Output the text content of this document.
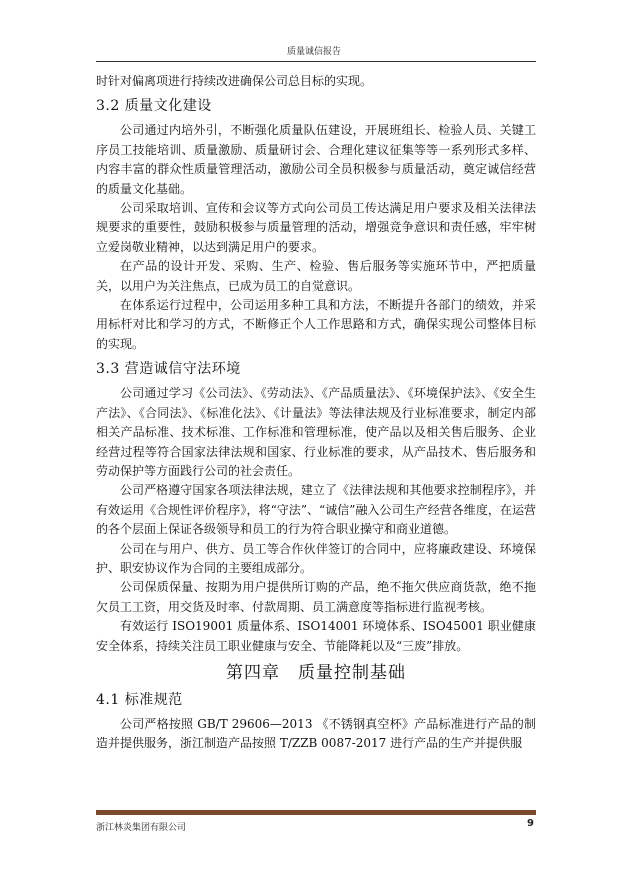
质量诚信报告

时针对偏离项进行持续改进确保公司总目标的实现。

3.2 质量文化建设

公司通过内培外引，不断强化质量队伍建设，开展班组长、检验人员、关键工序员工技能培训、质量激励、质量研讨会、合理化建议征集等等一系列形式多样、内容丰富的群众性质量管理活动，激励公司全员积极参与质量活动，奠定诚信经营的质量文化基础。

公司采取培训、宣传和会议等方式向公司员工传达满足用户要求及相关法律法规要求的重要性，鼓励积极参与质量管理的活动，增强竞争意识和责任感，牢牢树立爱岗敬业精神，以达到满足用户的要求。

在产品的设计开发、采购、生产、检验、售后服务等实施环节中，严把质量关，以用户为关注焦点，已成为员工的自觉意识。

在体系运行过程中，公司运用多种工具和方法，不断提升各部门的绩效，并采用标杆对比和学习的方式，不断修正个人工作思路和方式，确保实现公司整体目标的实现。

3.3 营造诚信守法环境

公司通过学习《公司法》、《劳动法》、《产品质量法》、《环境保护法》、《安全生产法》、《合同法》、《标准化法》、《计量法》等法律法规及行业标准要求，制定内部相关产品标准、技术标准、工作标准和管理标准，使产品以及相关售后服务、企业经营过程等符合国家法律法规和国家、行业标准的要求，从产品技术、售后服务和劳动保护等方面践行公司的社会责任。

公司严格遵守国家各项法律法规，建立了《法律法规和其他要求控制程序》，并有效运用《合规性评价程序》，将“守法”、“诚信”融入公司生产经营各维度，在运营的各个层面上保证各级领导和员工的行为符合职业操守和商业道德。

公司在与用户、供方、员工等合作伙伴签订的合同中，应将廉政建设、环境保护、职安协议作为合同的主要组成部分。

公司保质保量、按期为用户提供所订购的产品，绝不拖欠供应商货款，绝不拖欠员工工资，用交货及时率、付款周期、员工满意度等指标进行监视考核。

有效运行 ISO19001 质量体系、ISO14001 环境体系、ISO45001 职业健康安全体系，持续关注员工职业健康与安全、节能降耗以及“三废”排放。

第四章　质量控制基础
4.1 标准规范

公司严格按照 GB/T 29606—2013 《不锈钢真空杯》产品标准进行产品的制造并提供服务，浙江制造产品按照 T/ZZB 0087-2017 进行产品的生产并提供服

浙江林炎集团有限公司	9
